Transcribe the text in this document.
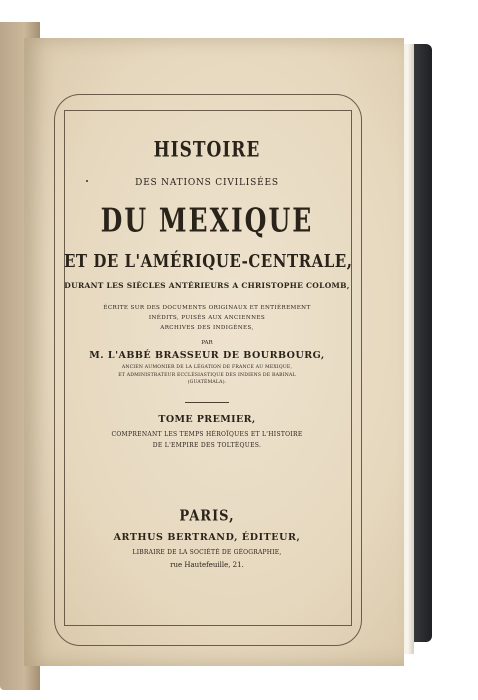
HISTOIRE
DES NATIONS CIVILISÉES
DU MEXIQUE
ET DE L'AMÉRIQUE-CENTRALE,
DURANT LES SIÈCLES ANTÉRIEURS A CHRISTOPHE COLOMB,
ÉCRITE SUR DES DOCUMENTS ORIGINAUX ET ENTIÈREMENT
INÉDITS, PUISÉS AUX ANCIENNES
ARCHIVES DES INDIGÈNES,
PAR
M. L'ABBÉ BRASSEUR DE BOURBOURG,
ANCIEN AUMONIER DE LA LÉGATION DE FRANCE AU MEXIQUE,
ET ADMINISTRATEUR ECCLÉSIASTIQUE DES INDIENS DE RABINAL
(GUATÉMALA).
TOME PREMIER,
COMPRENANT LES TEMPS HÉROÏQUES ET L'HISTOIRE
DE L'EMPIRE DES TOLTÈQUES.
PARIS,
ARTHUS BERTRAND, ÉDITEUR,
LIBRAIRE DE LA SOCIÉTÉ DE GÉOGRAPHIE,
rue Hautefeuille, 21.
